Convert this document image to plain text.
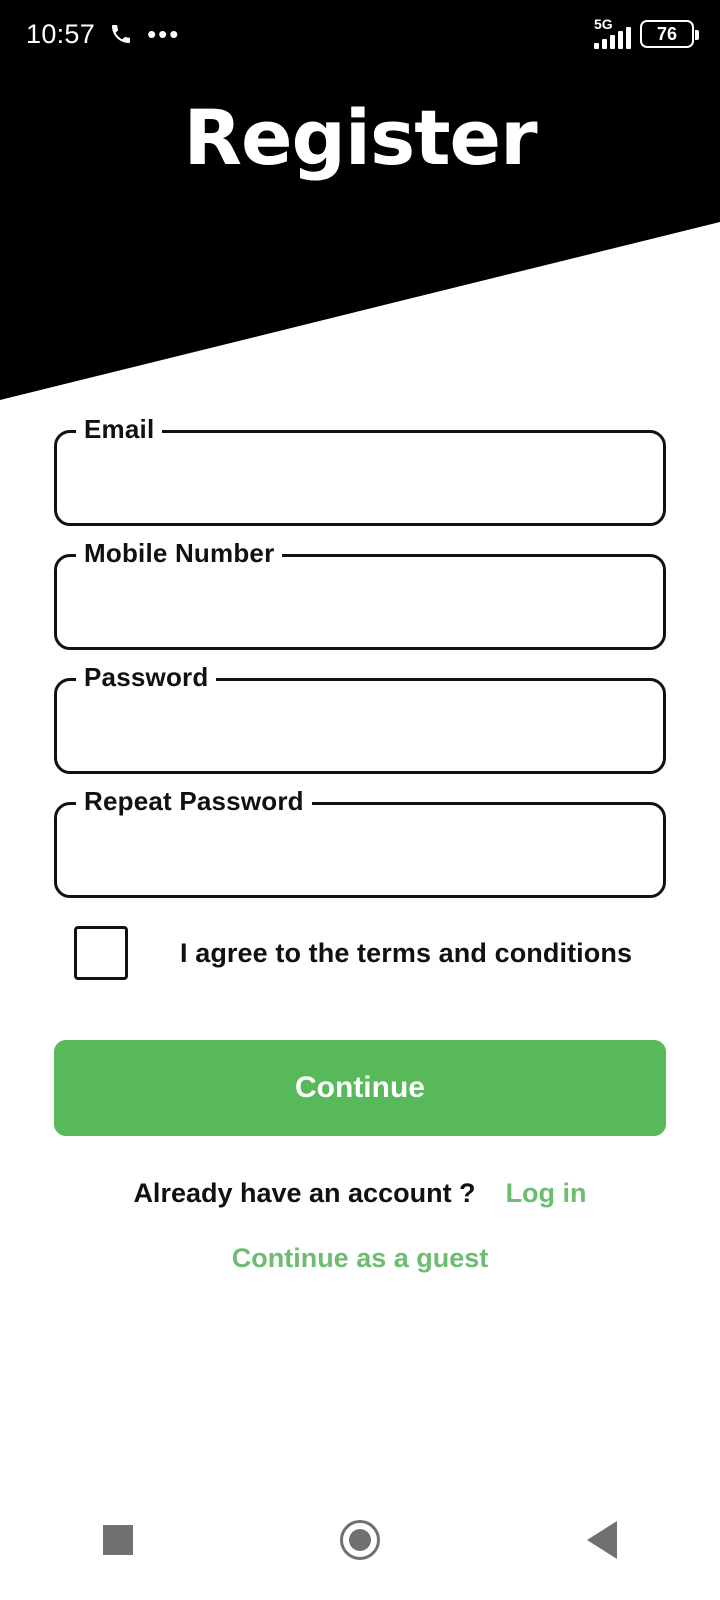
10:57 •••	5G 76
Register
Email
Mobile Number
Password
Repeat Password
I agree to the terms and conditions
Continue
Already have an account ? Log in
Continue as a guest
